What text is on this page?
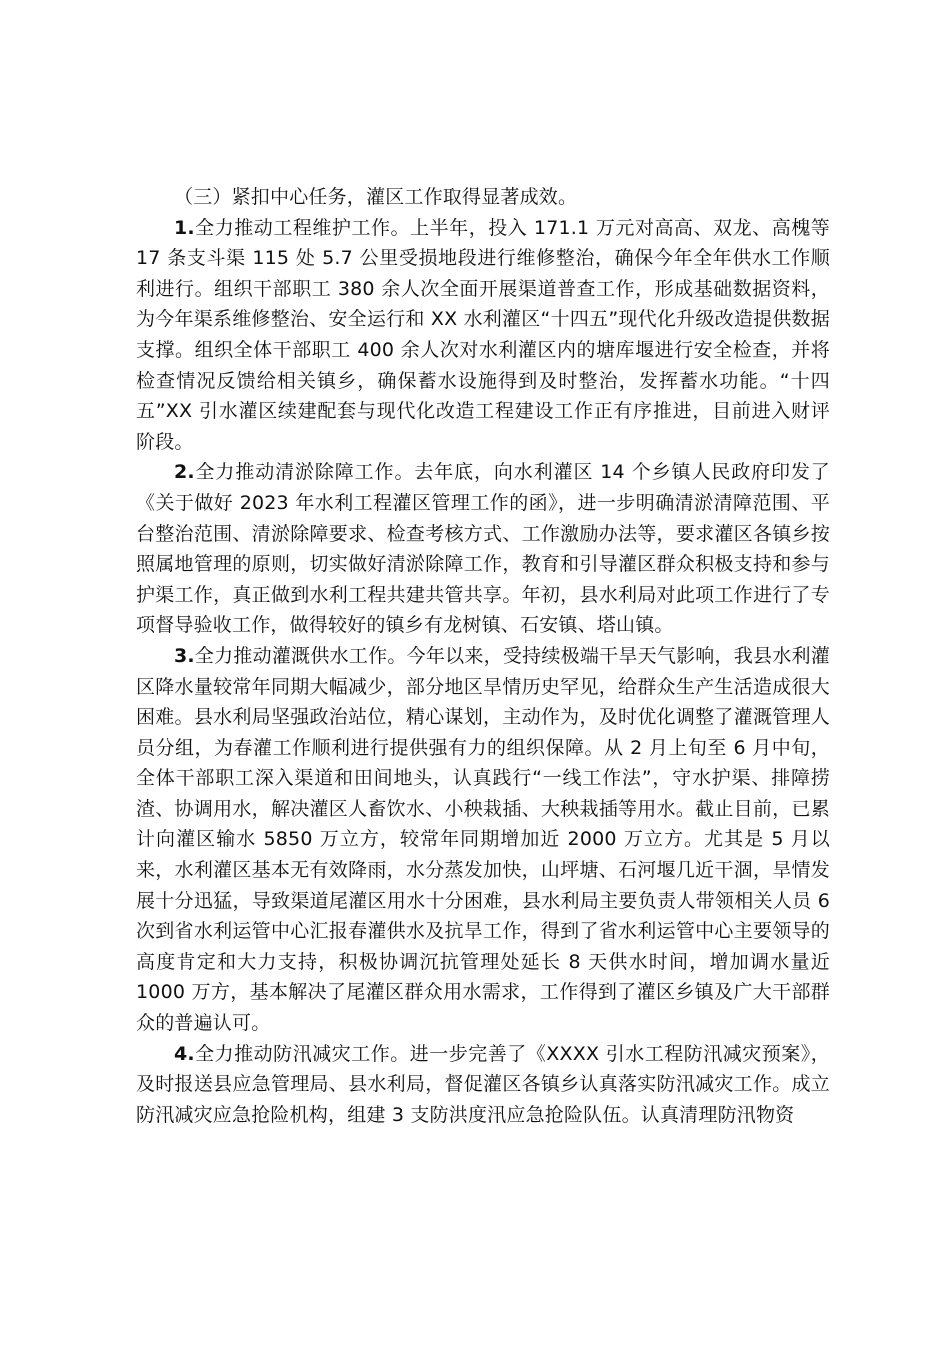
（三）紧扣中心任务，灌区工作取得显著成效。

1.全力推动工程维护工作。上半年，投入 171.1 万元对高高、双龙、高槐等 17 条支斗渠 115 处 5.7 公里受损地段进行维修整治，确保今年全年供水工作顺利进行。组织干部职工 380 余人次全面开展渠道普查工作，形成基础数据资料，为今年渠系维修整治、安全运行和 XX 水利灌区“十四五”现代化升级改造提供数据支撑。组织全体干部职工 400 余人次对水利灌区内的塘库堰进行安全检查，并将检查情况反馈给相关镇乡，确保蓄水设施得到及时整治，发挥蓄水功能。“十四五”XX 引水灌区续建配套与现代化改造工程建设工作正有序推进，目前进入财评阶段。

2.全力推动清淤除障工作。去年底，向水利灌区 14 个乡镇人民政府印发了《关于做好 2023 年水利工程灌区管理工作的函》，进一步明确清淤清障范围、平台整治范围、清淤除障要求、检查考核方式、工作激励办法等，要求灌区各镇乡按照属地管理的原则，切实做好清淤除障工作，教育和引导灌区群众积极支持和参与护渠工作，真正做到水利工程共建共管共享。年初，县水利局对此项工作进行了专项督导验收工作，做得较好的镇乡有龙树镇、石安镇、塔山镇。

3.全力推动灌溉供水工作。今年以来，受持续极端干旱天气影响，我县水利灌区降水量较常年同期大幅减少，部分地区旱情历史罕见，给群众生产生活造成很大困难。县水利局坚强政治站位，精心谋划，主动作为，及时优化调整了灌溉管理人员分组，为春灌工作顺利进行提供强有力的组织保障。从 2 月上旬至 6 月中旬，全体干部职工深入渠道和田间地头，认真践行“一线工作法”，守水护渠、排障捞渣、协调用水，解决灌区人畜饮水、小秧栽插、大秧栽插等用水。截止目前，已累计向灌区输水 5850 万立方，较常年同期增加近 2000 万立方。尤其是 5 月以来，水利灌区基本无有效降雨，水分蒸发加快，山坪塘、石河堰几近干涸，旱情发展十分迅猛，导致渠道尾灌区用水十分困难，县水利局主要负责人带领相关人员 6 次到省水利运管中心汇报春灌供水及抗旱工作，得到了省水利运管中心主要领导的高度肯定和大力支持，积极协调沉抗管理处延长 8 天供水时间，增加调水量近 1000 万方，基本解决了尾灌区群众用水需求，工作得到了灌区乡镇及广大干部群众的普遍认可。

4.全力推动防汛减灾工作。进一步完善了《XXXX 引水工程防汛减灾预案》，及时报送县应急管理局、县水利局，督促灌区各镇乡认真落实防汛减灾工作。成立防汛减灾应急抢险机构，组建 3 支防洪度汛应急抢险队伍。认真清理防汛物资
